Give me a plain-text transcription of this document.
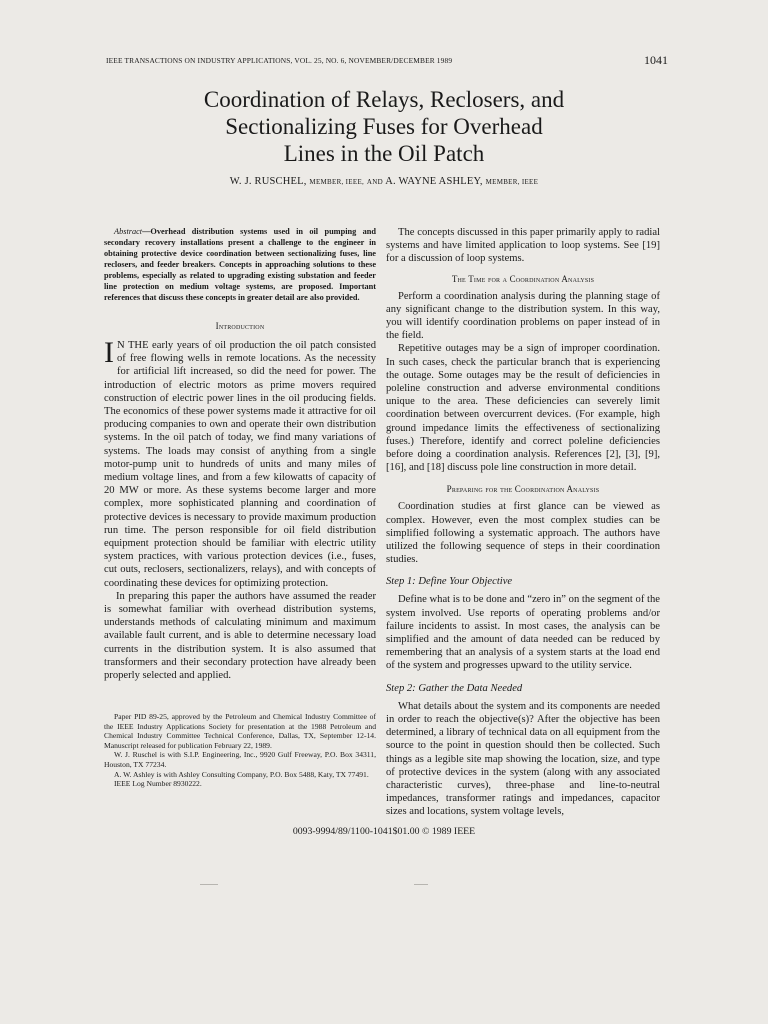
IEEE TRANSACTIONS ON INDUSTRY APPLICATIONS, VOL. 25, NO. 6, NOVEMBER/DECEMBER 1989	1041
Coordination of Relays, Reclosers, and
Sectionalizing Fuses for Overhead
Lines in the Oil Patch
W. J. RUSCHEL, MEMBER, IEEE, AND A. WAYNE ASHLEY, MEMBER, IEEE

Abstract—Overhead distribution systems used in oil pumping and secondary recovery installations present a challenge to the engineer in obtaining protective device coordination between sectionalizing fuses, line reclosers, and feeder breakers. Concepts in approaching solutions to these problems, especially as related to upgrading existing substation and feeder line protection on medium voltage systems, are proposed. Important references that discuss these concepts in greater detail are also provided.

Introduction

I N THE early years of oil production the oil patch consisted of free flowing wells in remote locations. As the necessity for artificial lift increased, so did the need for power. The introduction of electric motors as prime movers required construction of electric power lines in the oil producing fields. The economics of these power systems made it attractive for oil producing companies to own and operate their own distribution systems. In the oil patch of today, we find many variations of systems. The loads may consist of anything from a single motor-pump unit to hundreds of units and many miles of medium voltage lines, and from a few kilowatts of capacity of 20 MW or more. As these systems become larger and more complex, more sophisticated planning and coordination of protective devices is necessary to provide maximum production run time. The person responsible for oil field distribution equipment protection should be familiar with electric utility system practices, with various protection devices (i.e., fuses, cut outs, reclosers, sectionalizers, relays), and with concepts of coordinating these devices for optimizing protection.

In preparing this paper the authors have assumed the reader is somewhat familiar with overhead distribution systems, understands methods of calculating minimum and maximum available fault current, and is able to determine necessary load currents in the distribution system. It is also assumed that transformers and their secondary protection have already been properly selected and applied.

Paper PID 89-25, approved by the Petroleum and Chemical Industry Committee of the IEEE Industry Applications Society for presentation at the 1988 Petroleum and Chemical Industry Committee Technical Conference, Dallas, TX, September 12-14. Manuscript released for publication February 22, 1989.

W. J. Ruschel is with S.I.P. Engineering, Inc., 9920 Gulf Freeway, P.O. Box 34311, Houston, TX 77234.

A. W. Ashley is with Ashley Consulting Company, P.O. Box 5488, Katy, TX 77491.

IEEE Log Number 8930222.

The concepts discussed in this paper primarily apply to radial systems and have limited application to loop systems. See [19] for a discussion of loop systems.

The Time for a Coordination Analysis

Perform a coordination analysis during the planning stage of any significant change to the distribution system. In this way, you will identify coordination problems on paper instead of in the field.

Repetitive outages may be a sign of improper coordination. In such cases, check the particular branch that is experiencing the outage. Some outages may be the result of deficiencies in poleline construction and adverse environmental conditions unique to the area. These deficiencies can severely limit coordination between overcurrent devices. (For example, high ground impedance limits the effectiveness of sectionalizing fuses.) Therefore, identify and correct poleline deficiencies before doing a coordination analysis. References [2], [3], [9], [16], and [18] discuss pole line construction in more detail.

Preparing for the Coordination Analysis

Coordination studies at first glance can be viewed as complex. However, even the most complex studies can be simplified following a systematic approach. The authors have utilized the following sequence of steps in their coordination studies.

Step 1: Define Your Objective

Define what is to be done and “zero in” on the segment of the system involved. Use reports of operating problems and/or failure incidents to assist. In most cases, the analysis can be simplified and the amount of data needed can be reduced by remembering that an analysis of a system starts at the load end of the system and progresses upward to the utility service.

Step 2: Gather the Data Needed

What details about the system and its components are needed in order to reach the objective(s)? After the objective has been determined, a library of technical data on all equipment from the source to the point in question should then be collected. Such things as a legible site map showing the location, size, and type of protective devices in the system (along with any associated characteristic curves), three-phase and line-to-neutral impedances, transformer ratings and impedances, capacitor sizes and locations, system voltage levels,

0093-9994/89/1100-1041$01.00 © 1989 IEEE
